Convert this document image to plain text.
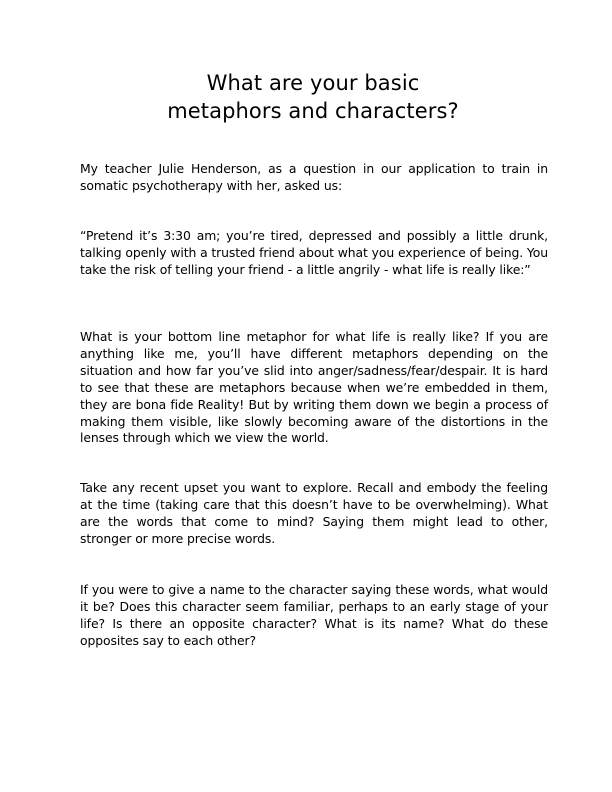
What are your basic
metaphors and characters?

My teacher Julie Henderson, as a question in our application to train in somatic psychotherapy with her, asked us:

“Pretend it’s 3:30 am; you’re tired, depressed and possibly a little drunk, talking openly with a trusted friend about what you experience of being. You take the risk of telling your friend - a little angrily - what life is really like:”

What is your bottom line metaphor for what life is really like? If you are anything like me, you’ll have different metaphors depending on the situation and how far you’ve slid into anger/sadness/fear/despair. It is hard to see that these are metaphors because when we’re embedded in them, they are bona fide Reality! But by writing them down we begin a process of making them visible, like slowly becoming aware of the distortions in the lenses through which we view the world.

Take any recent upset you want to explore. Recall and embody the feeling at the time (taking care that this doesn’t have to be overwhelming). What are the words that come to mind? Saying them might lead to other, stronger or more precise words.

If you were to give a name to the character saying these words, what would it be? Does this character seem familiar, perhaps to an early stage of your life? Is there an opposite character? What is its name? What do these opposites say to each other?
